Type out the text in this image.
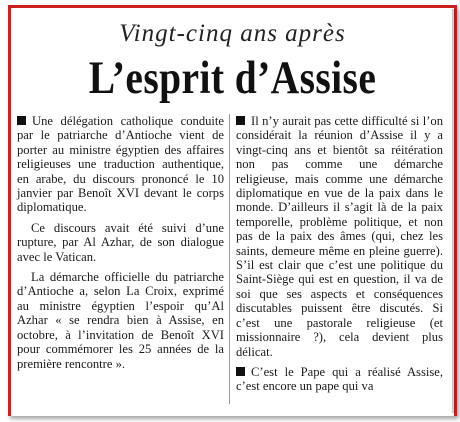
Vingt-cinq ans après
L’esprit d’Assise

Une délégation catholique conduite par le patriarche d’Antioche vient de porter au ministre égyptien des affaires religieuses une traduction authentique, en arabe, du discours prononcé le 10 janvier par Benoît XVI devant le corps diplomatique.

Ce discours avait été suivi d’une rupture, par Al Azhar, de son dialogue avec le Vatican.

La démarche officielle du patriarche d’Antioche a, selon La Croix, exprimé au ministre égyptien l’espoir qu’Al Azhar « se rendra bien à Assise, en octobre, à l’invitation de Benoît XVI pour commémorer les 25 années de la première rencontre ».

Il n’y aurait pas cette difficulté si l’on considérait la réunion d’Assise il y a vingt-cinq ans et bientôt sa réitération non pas comme une démarche religieuse, mais comme une démarche diplomatique en vue de la paix dans le monde. D’ailleurs il s’agit là de la paix temporelle, problème politique, et non pas de la paix des âmes (qui, chez les saints, demeure même en pleine guerre). S’il est clair que c’est une politique du Saint-Siège qui est en question, il va de soi que ses aspects et conséquences discutables puissent être discutés. Si c’est une pastorale religieuse (et missionnaire ?), cela devient plus délicat.

C’est le Pape qui a réalisé Assise, c’est encore un pape qui va
